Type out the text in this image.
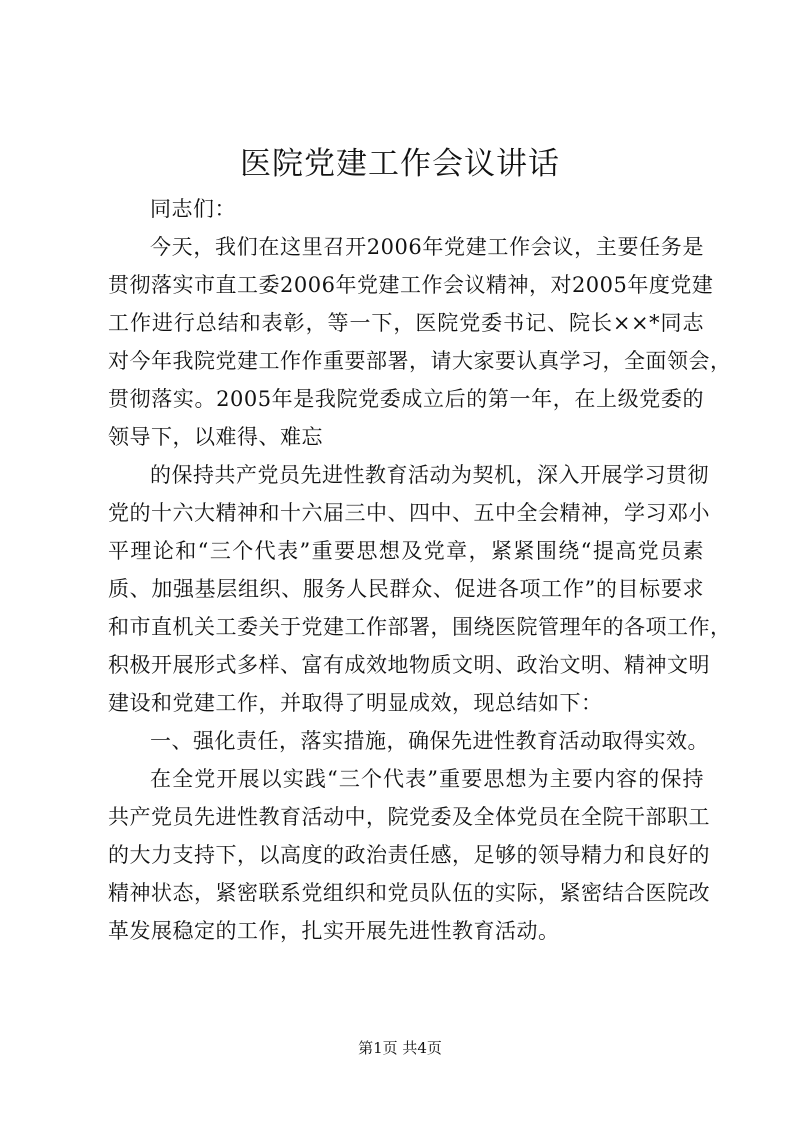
医院党建工作会议讲话
同志们：
今天，我们在这里召开2006年党建工作会议，主要任务是
贯彻落实市直工委2006年党建工作会议精神，对2005年度党建
工作进行总结和表彰，等一下，医院党委书记、院长××*同志
对今年我院党建工作作重要部署，请大家要认真学习，全面领会，
贯彻落实。2005年是我院党委成立后的第一年，在上级党委的
领导下，以难得、难忘
的保持共产党员先进性教育活动为契机，深入开展学习贯彻
党的十六大精神和十六届三中、四中、五中全会精神，学习邓小
平理论和“三个代表”重要思想及党章，紧紧围绕“提高党员素
质、加强基层组织、服务人民群众、促进各项工作”的目标要求
和市直机关工委关于党建工作部署，围绕医院管理年的各项工作，
积极开展形式多样、富有成效地物质文明、政治文明、精神文明
建设和党建工作，并取得了明显成效，现总结如下：
一、强化责任，落实措施，确保先进性教育活动取得实效。
在全党开展以实践“三个代表”重要思想为主要内容的保持
共产党员先进性教育活动中，院党委及全体党员在全院干部职工
的大力支持下，以高度的政治责任感，足够的领导精力和良好的
精神状态，紧密联系党组织和党员队伍的实际，紧密结合医院改
革发展稳定的工作，扎实开展先进性教育活动。
第1页 共4页
